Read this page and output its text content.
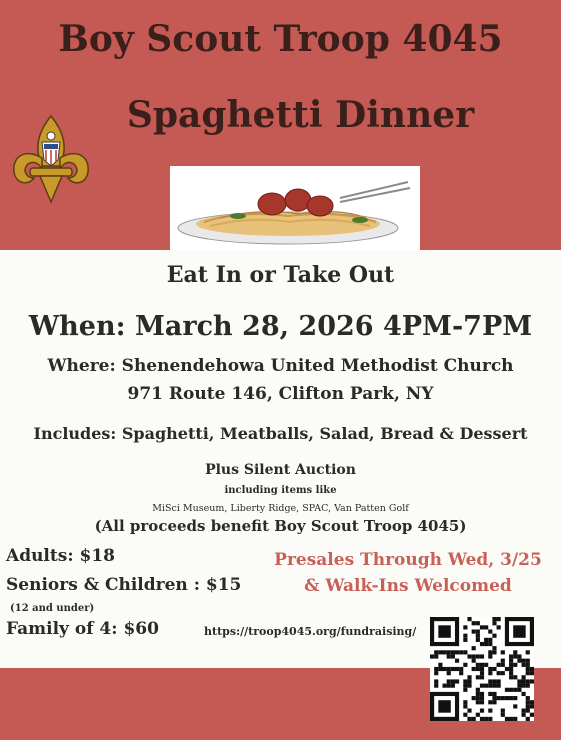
Boy Scout Troop 4045
Spaghetti Dinner
Eat In or Take Out
When: March 28, 2026 4PM-7PM
Where: Shenendehowa United Methodist Church
971 Route 146, Clifton Park, NY
Includes: Spaghetti, Meatballs, Salad, Bread & Dessert
Plus Silent Auction
including items like
MiSci Museum, Liberty Ridge, SPAC, Van Patten Golf
(All proceeds benefit Boy Scout Troop 4045)
Adults: $18
Seniors & Children : $15
(12 and under)
Family of 4: $60
Presales Through Wed, 3/25
& Walk-Ins Welcomed
https://troop4045.org/fundraising/
